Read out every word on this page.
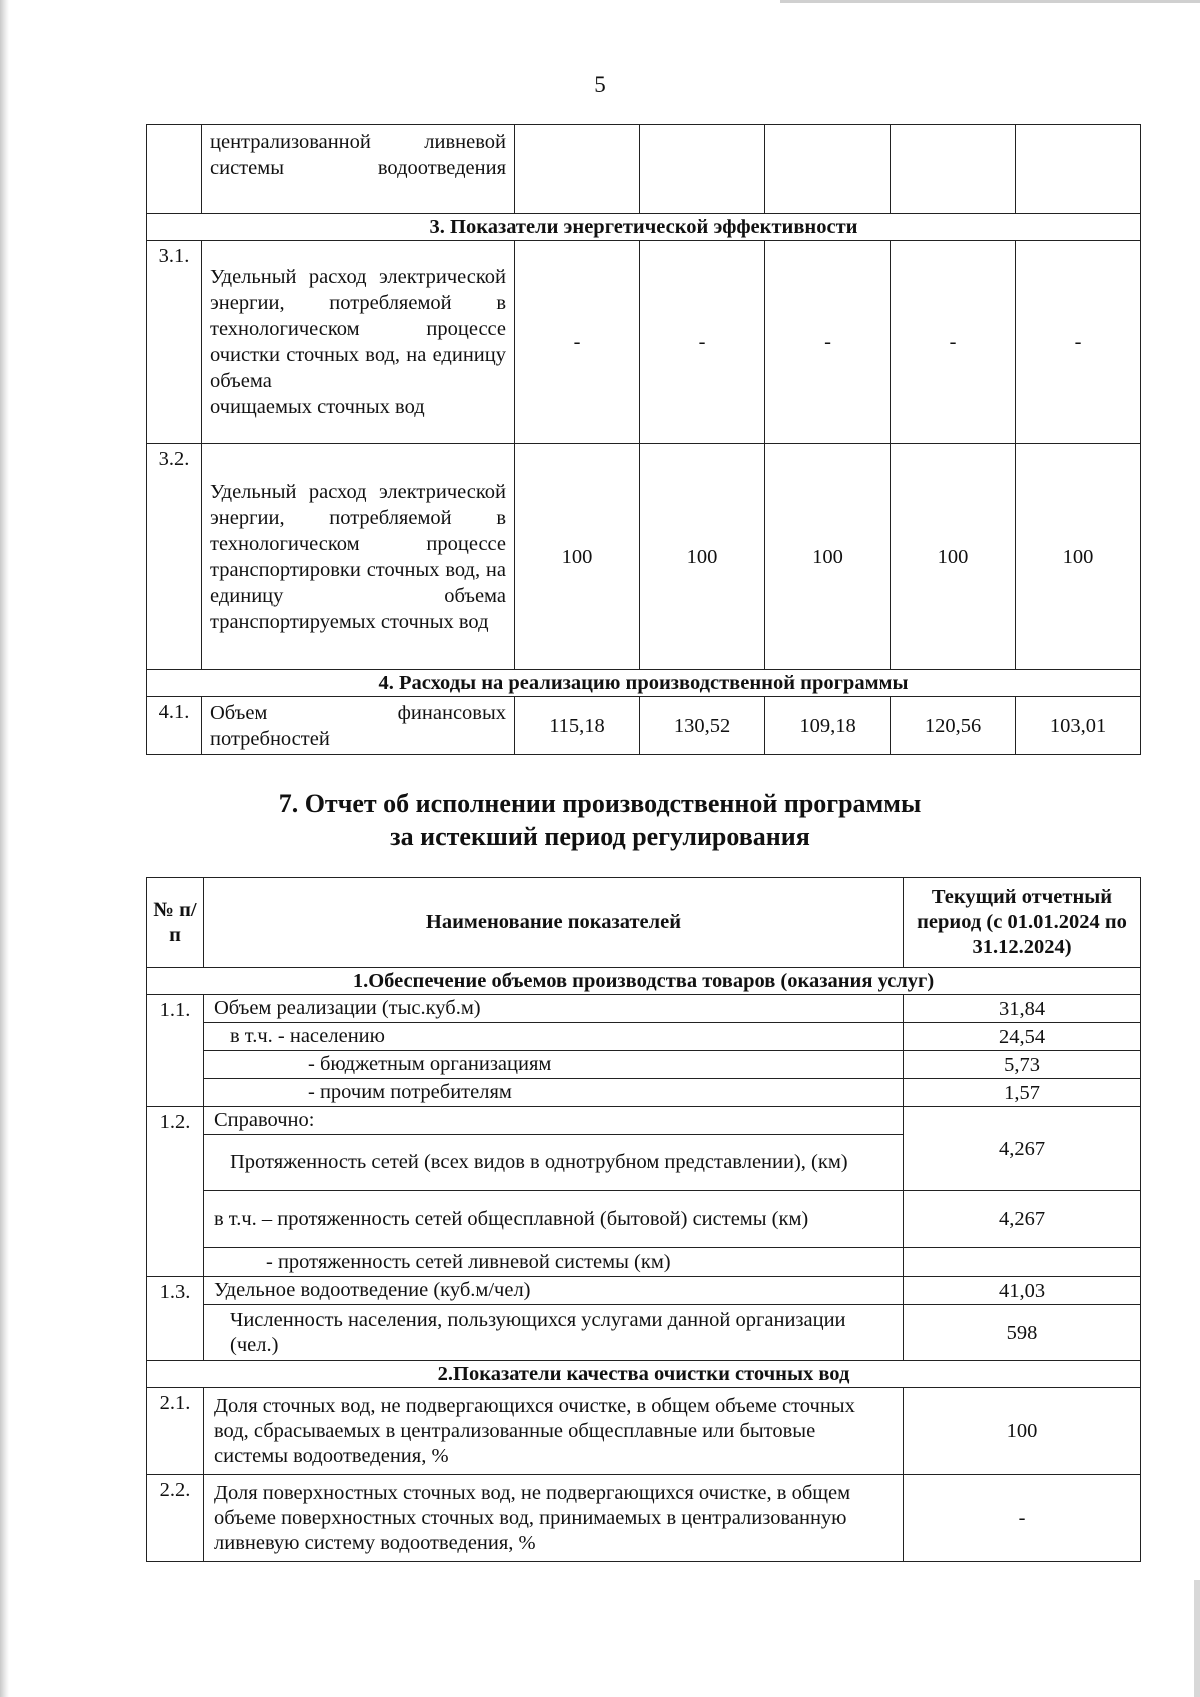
5
	централизованной ливневой системы водоотведения					
3. Показатели энергетической эффективности						
3.1.	Удельный расход электрической энергии, потребляемой в технологическом процессе очистки сточных вод, на единицу объема
очищаемых сточных вод	-	-	-	-	-
3.2.	Удельный расход электрической энергии, потребляемой в технологическом процессе транспортировки сточных вод, на единицу объема
транспортируемых сточных вод	100	100	100	100	100
4. Расходы на реализацию производственной программы						
4.1.	Объем финансовых
потребностей	115,18	130,52	109,18	120,56	103,01
7. Отчет об исполнении производственной программы
за истекший период регулирования
№ п/п	Наименование показателей	Текущий отчетный период (с 01.01.2024 по 31.12.2024)
1.Обеспечение объемов производства товаров (оказания услуг)		
1.1.	Объем реализации (тыс.куб.м)	31,84
	в т.ч. - населению	24,54
	- бюджетным организациям	5,73
	- прочим потребителям	1,57
1.2.	Справочно:	4,267
	Протяженность сетей (всех видов в однотрубном представлении), (км)	
	в т.ч. – протяженность сетей общесплавной (бытовой) системы (км)	4,267
	- протяженность сетей ливневой системы (км)	
1.3.	Удельное водоотведение (куб.м/чел)	41,03
	Численность населения, пользующихся услугами данной организации (чел.)	598
2.Показатели качества очистки сточных вод		
2.1.	Доля сточных вод, не подвергающихся очистке, в общем объеме сточных вод, сбрасываемых в централизованные общесплавные или бытовые системы водоотведения, %	100
2.2.	Доля поверхностных сточных вод, не подвергающихся очистке, в общем объеме поверхностных сточных вод, принимаемых в централизованную ливневую систему водоотведения, %	-
